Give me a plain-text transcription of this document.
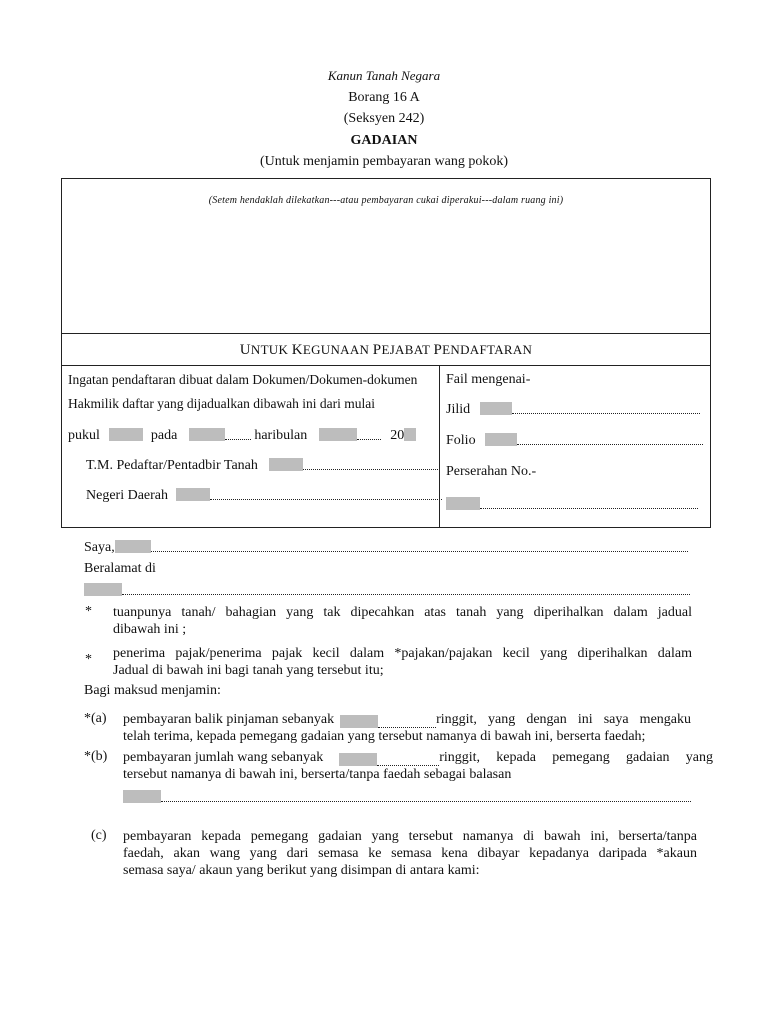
Kanun Tanah Negara
Borang 16 A
(Seksyen 242)
GADAIAN
(Untuk menjamin pembayaran wang pokok)
(Setem hendaklah dilekatkan---atau pembayaran cukai diperakui---dalam ruang ini)
UNTUK KEGUNAAN PEJABAT PENDAFTARAN
Ingatan pendaftaran dibuat dalam Dokumen/Dokumen-dokumen
Hakmilik daftar yang dijadualkan dibawah ini dari mulai
pukul	pada	haribulan	20
T.M. Pedaftar/Pentadbir Tanah
Negeri Daerah
Fail mengenai-
Jilid
Folio
Perserahan No.-
Saya,
Beralamat di
* tuanpunya tanah/ bahagian yang tak dipecahkan atas tanah yang diperihalkan dalam jadual
dibawah ini ;
* penerima pajak/penerima pajak kecil dalam *pajakan/pajakan kecil yang diperihalkan dalam
Jadual di bawah ini bagi tanah yang tersebut itu;
Bagi maksud menjamin:
*(a) pembayaran balik pinjaman sebanyak	ringgit, yang dengan ini saya mengaku
telah terima, kepada pemegang gadaian yang tersebut namanya di bawah ini, berserta faedah;
*(b) pembayaran jumlah wang sebanyak	ringgit, kepada pemegang gadaian yang
tersebut namanya di bawah ini, berserta/tanpa faedah sebagai balasan
(c) pembayaran kepada pemegang gadaian yang tersebut namanya di bawah ini, berserta/tanpa
faedah, akan wang yang dari semasa ke semasa kena dibayar kepadanya daripada *akaun
semasa saya/ akaun yang berikut yang disimpan di antara kami:
